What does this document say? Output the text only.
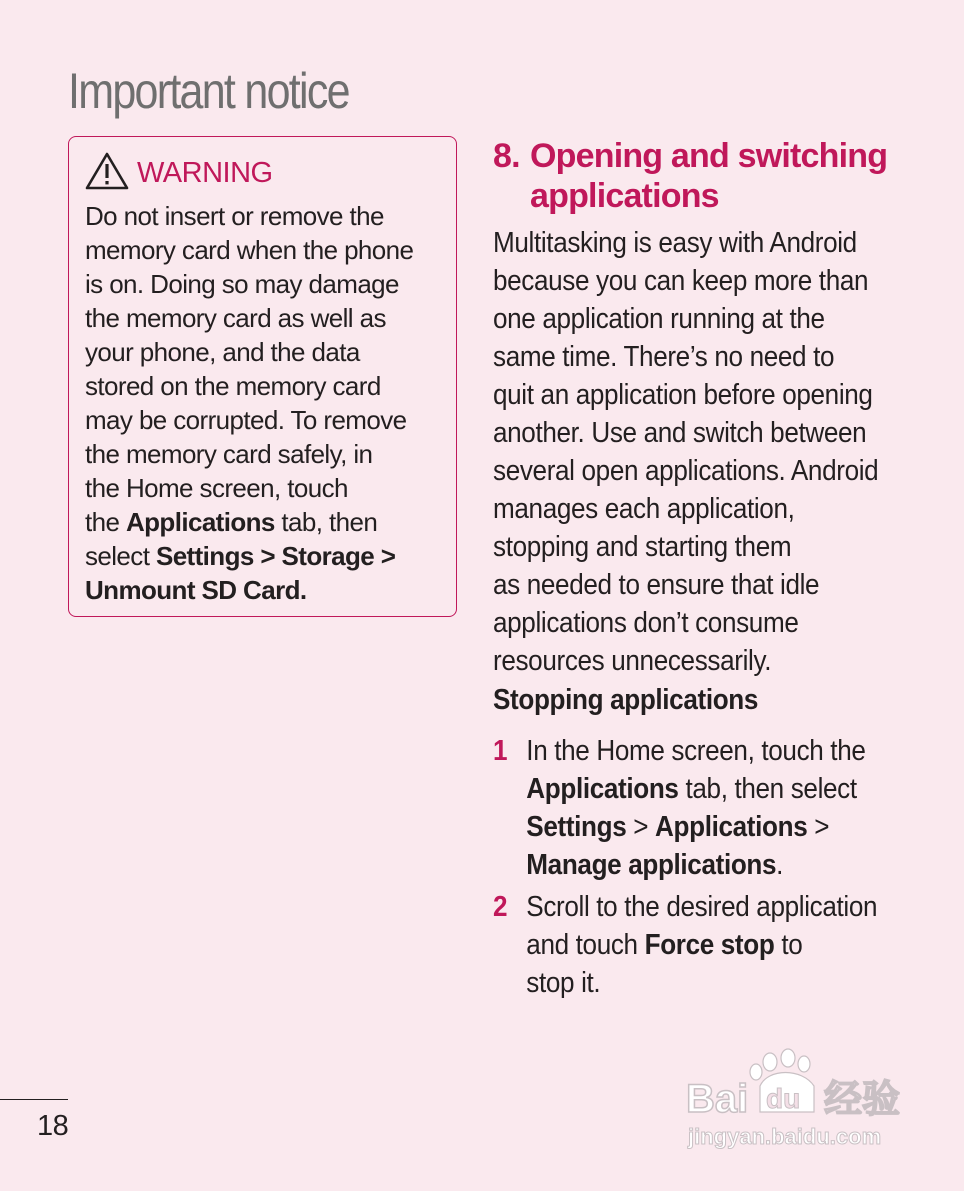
Important notice
WARNING
Do not insert or remove the
memory card when the phone
is on. Doing so may damage
the memory card as well as
your phone, and the data
stored on the memory card
may be corrupted. To remove
the memory card safely, in
the Home screen, touch
the Applications tab, then
select Settings > Storage >
Unmount SD Card.
8. Opening and switching
applications
Multitasking is easy with Android
because you can keep more than
one application running at the
same time. There’s no need to
quit an application before opening
another. Use and switch between
several open applications. Android
manages each application,
stopping and starting them
as needed to ensure that idle
applications don’t consume
resources unnecessarily.
Stopping applications
1 In the Home screen, touch the
Applications tab, then select
Settings > Applications >
Manage applications.
2 Scroll to the desired application
and touch Force stop to
stop it.
18
Bai du 经验
jingyan.baidu.com
